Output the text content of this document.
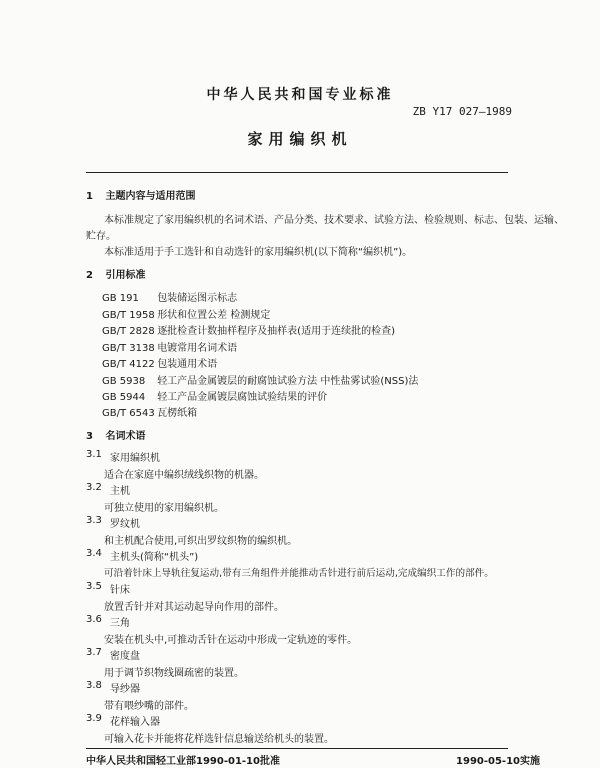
中华人民共和国专业标准
ZB Y17 027—1989
家用编织机
1 主题内容与适用范围
本标准规定了家用编织机的名词术语、产品分类、技术要求、试验方法、检验规则、标志、包装、运输、
贮存。
本标准适用于手工选针和自动选针的家用编织机(以下简称“编织机”)。
2 引用标准
GB 191 包装储运图示标志
GB/T 1958 形状和位置公差 检测规定
GB/T 2828 逐批检查计数抽样程序及抽样表(适用于连续批的检查)
GB/T 3138 电镀常用名词术语
GB/T 4122 包装通用术语
GB 5938 轻工产品金属镀层的耐腐蚀试验方法 中性盐雾试验(NSS)法
GB 5944 轻工产品金属镀层腐蚀试验结果的评价
GB/T 6543 瓦楞纸箱
3 名词术语
3.1 家用编织机
适合在家庭中编织绒线织物的机器。
3.2 主机
可独立使用的家用编织机。
3.3 罗纹机
和主机配合使用,可织出罗纹织物的编织机。
3.4 主机头(简称“机头”)
可沿着针床上导轨往复运动,带有三角组件并能推动舌针进行前后运动,完成编织工作的部件。
3.5 针床
放置舌针并对其运动起导向作用的部件。
3.6 三角
安装在机头中,可推动舌针在运动中形成一定轨迹的零件。
3.7 密度盘
用于调节织物线圈疏密的装置。
3.8 导纱器
带有喂纱嘴的部件。
3.9 花样输入器
可输入花卡并能将花样选针信息输送给机头的装置。
中华人民共和国轻工业部1990-01-10批准	1990-05-10实施
